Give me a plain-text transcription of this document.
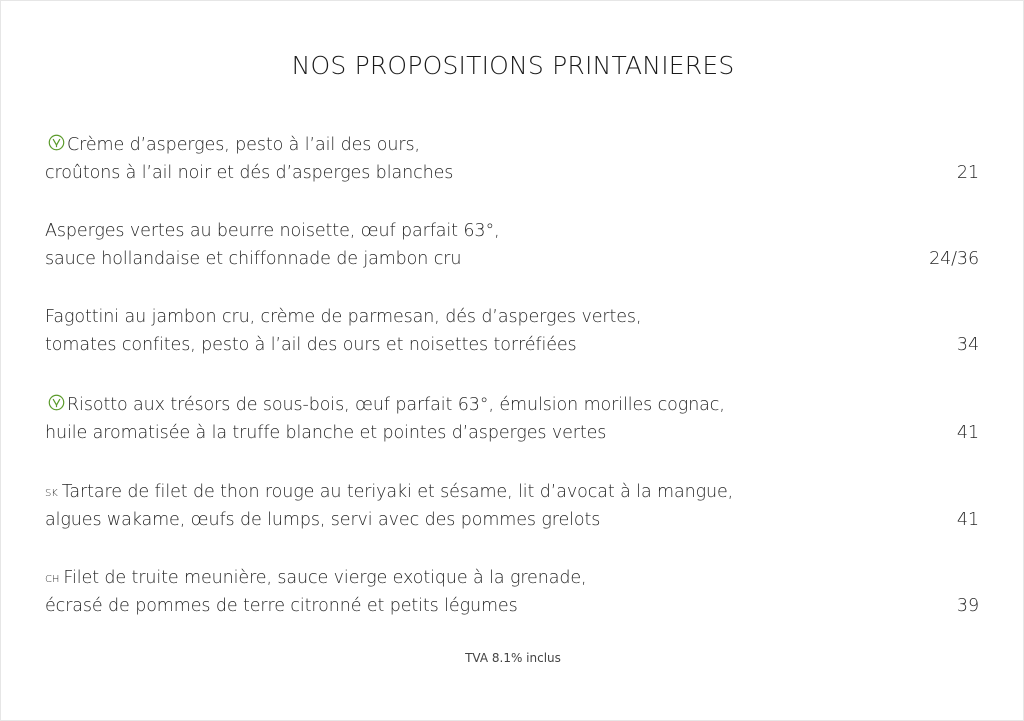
NOS PROPOSITIONS PRINTANIERES
Crème d’asperges, pesto à l’ail des ours,
croûtons à l’ail noir et dés d’asperges blanches	21
Asperges vertes au beurre noisette, œuf parfait 63°,
sauce hollandaise et chiffonnade de jambon cru	24/36
Fagottini au jambon cru, crème de parmesan, dés d’asperges vertes,
tomates confites, pesto à l’ail des ours et noisettes torréfiées	34
Risotto aux trésors de sous-bois, œuf parfait 63°, émulsion morilles cognac,
huile aromatisée à la truffe blanche et pointes d’asperges vertes	41
SK Tartare de filet de thon rouge au teriyaki et sésame, lit d’avocat à la mangue,
algues wakame, œufs de lumps, servi avec des pommes grelots	41
CH Filet de truite meunière, sauce vierge exotique à la grenade,
écrasé de pommes de terre citronné et petits légumes	39
TVA 8.1% inclus
